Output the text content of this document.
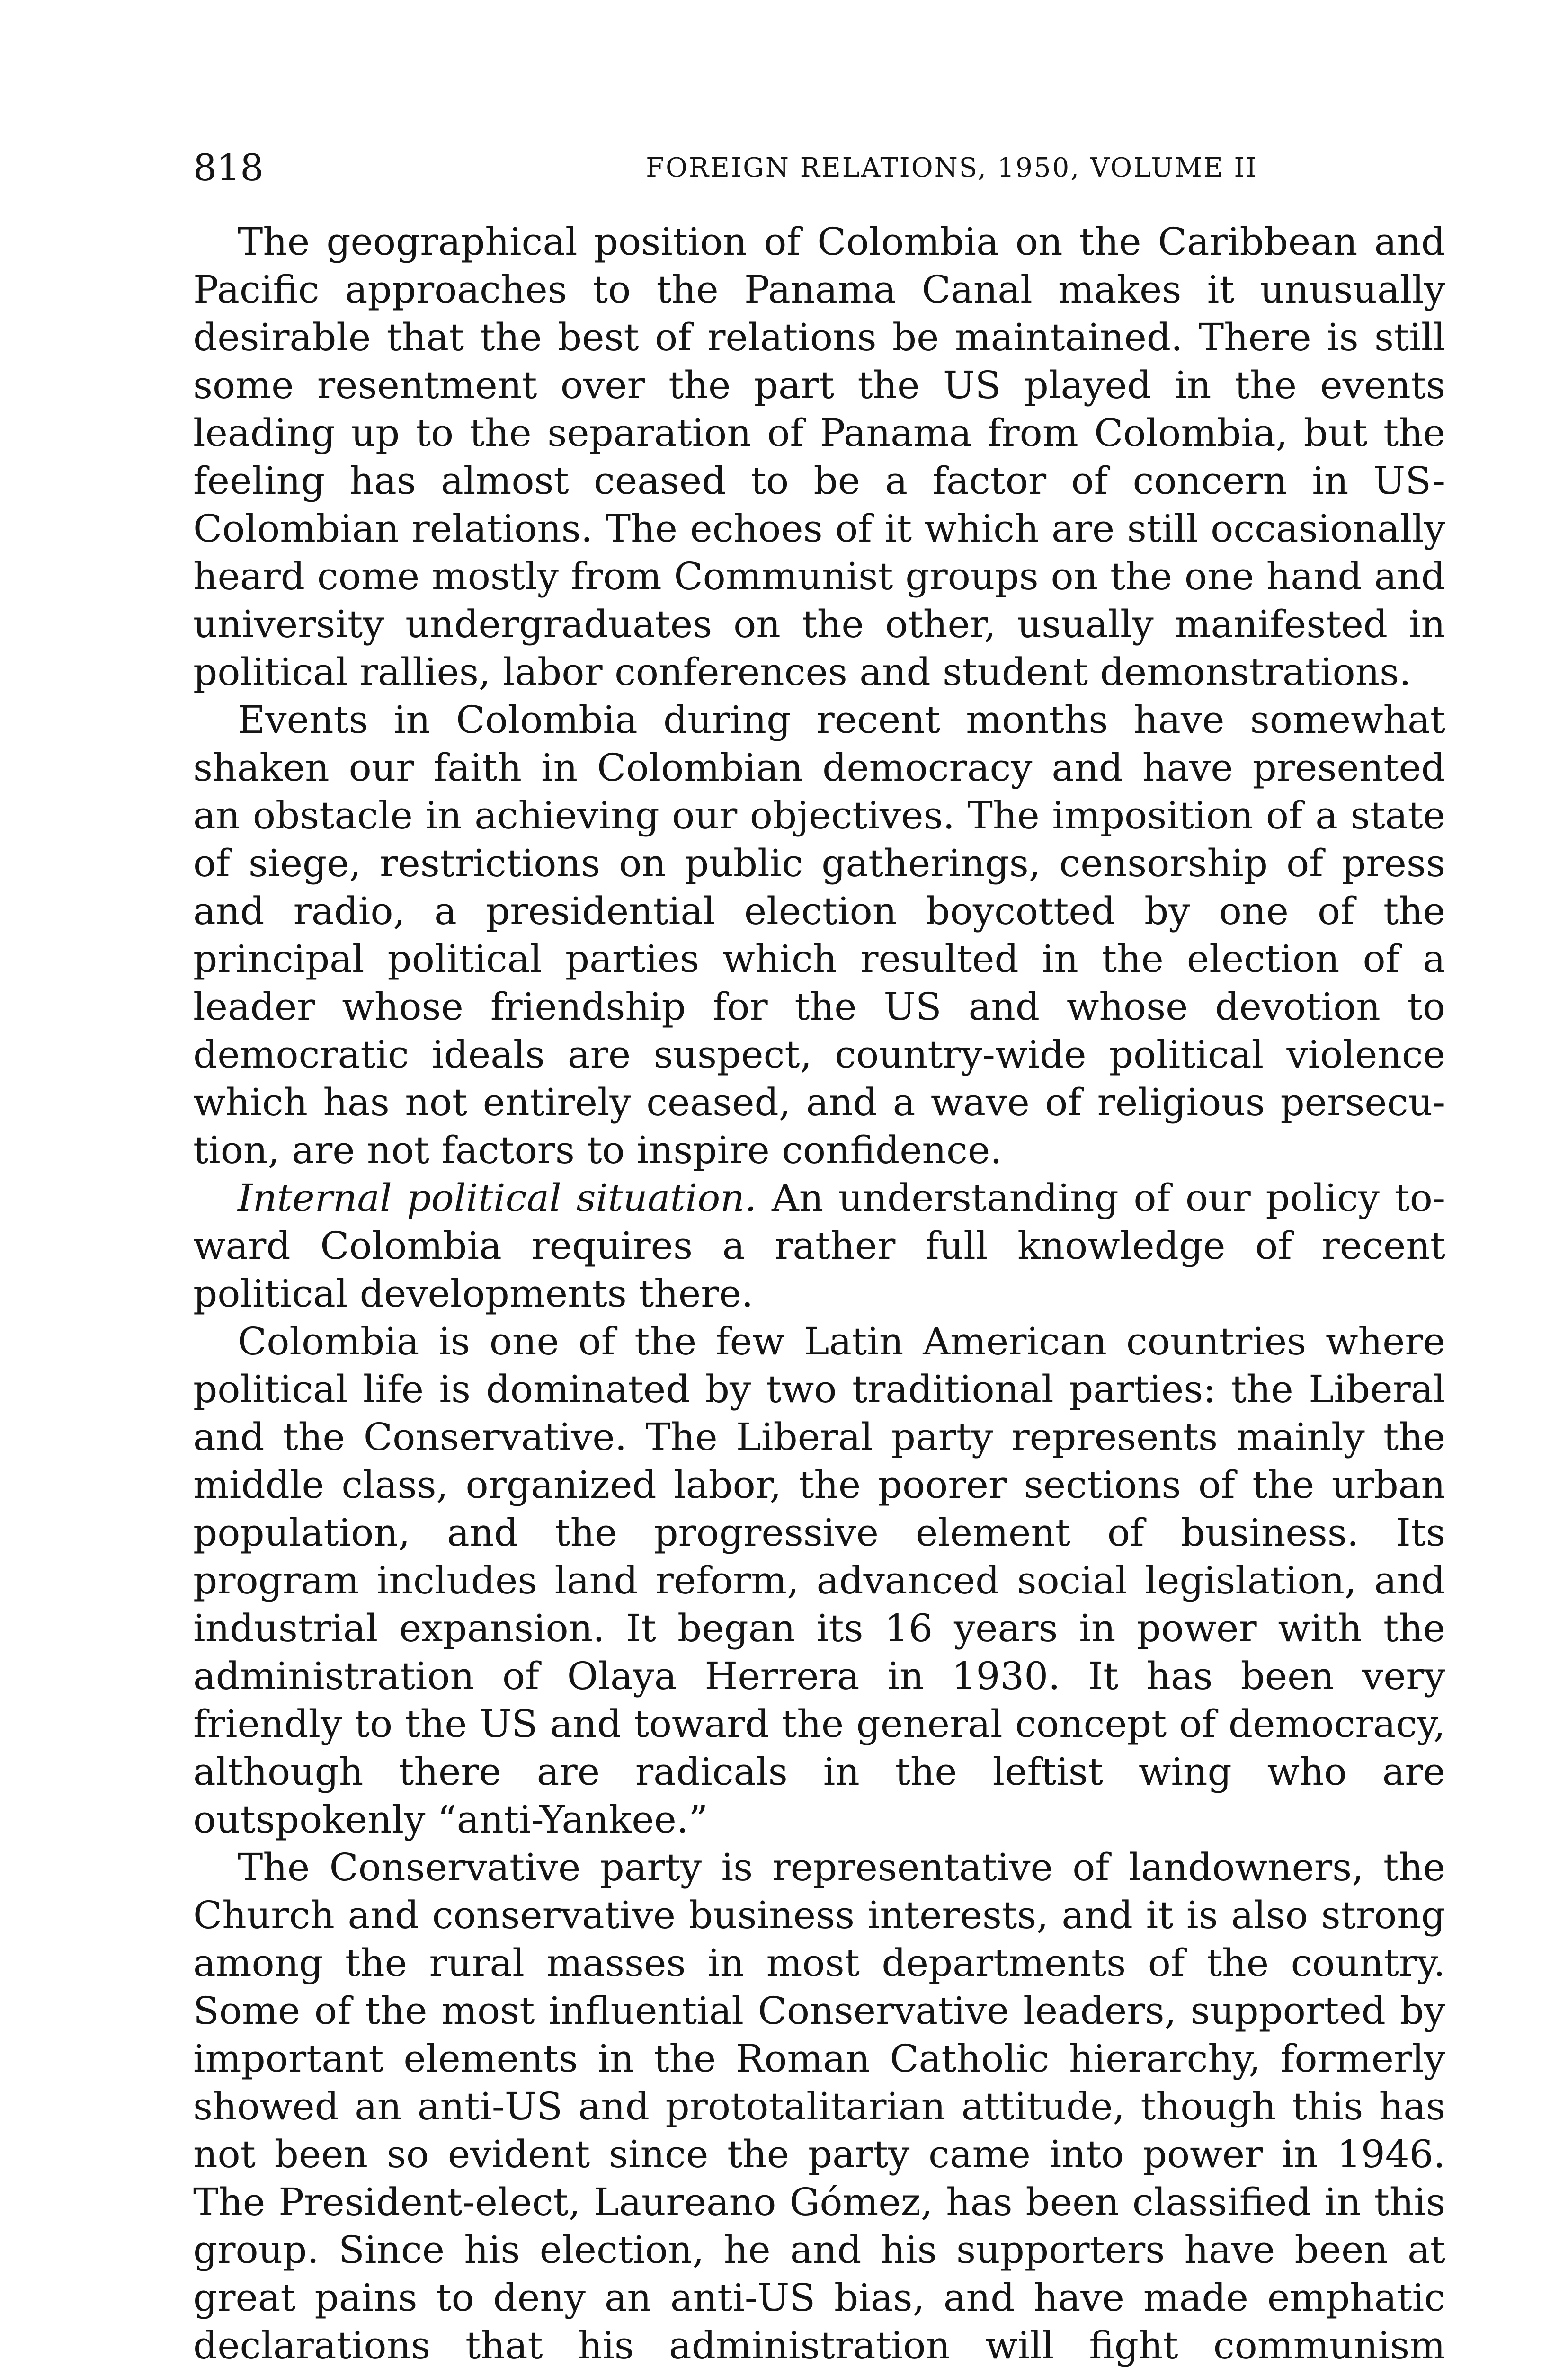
818	FOREIGN RELATIONS, 1950, VOLUME II

The geographical position of Colombia on the Caribbean and Pacific approaches to the Panama Canal makes it unusually desirable that the best of relations be maintained. There is still some resentment over the part the US played in the events leading up to the separation of Panama from Colombia, but the feeling has almost ceased to be a factor of concern in US-Colombian relations. The echoes of it which are still occasionally heard come mostly from Communist groups on the one hand and university undergraduates on the other, usually manifested in political rallies, labor conferences and student demonstrations.

Events in Colombia during recent months have somewhat shaken our faith in Colombian democracy and have presented an obstacle in achieving our objectives. The imposition of a state of siege, restrictions on public gatherings, censorship of press and radio, a presidential election boycotted by one of the principal political parties which resulted in the election of a leader whose friendship for the US and whose devotion to democratic ideals are suspect, country-wide political violence which has not entirely ceased, and a wave of religious persecution, are not factors to inspire confidence.

Internal political situation. An understanding of our policy toward Colombia requires a rather full knowledge of recent political developments there.

Colombia is one of the few Latin American countries where political life is dominated by two traditional parties: the Liberal and the Conservative. The Liberal party represents mainly the middle class, organized labor, the poorer sections of the urban population, and the progressive element of business. Its program includes land reform, advanced social legislation, and industrial expansion. It began its 16 years in power with the administration of Olaya Herrera in 1930. It has been very friendly to the US and toward the general concept of democracy, although there are radicals in the leftist wing who are outspokenly “anti-Yankee.”

The Conservative party is representative of landowners, the Church and conservative business interests, and it is also strong among the rural masses in most departments of the country. Some of the most influential Conservative leaders, supported by important elements in the Roman Catholic hierarchy, formerly showed an anti-US and prototalitarian attitude, though this has not been so evident since the party came into power in 1946. The President-elect, Laureano Gómez, has been classified in this group. Since his election, he and his supporters have been at great pains to deny an anti-US bias, and have made emphatic declarations that his administration will fight communism
